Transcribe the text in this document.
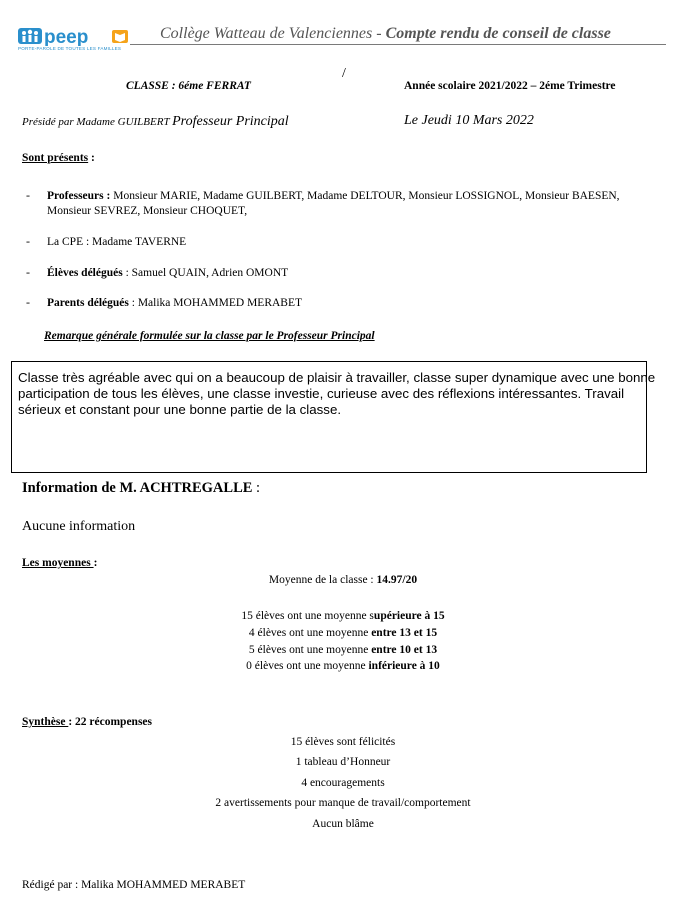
peep
PORTE-PAROLE DE TOUTES LES FAMILLES
Collège Watteau de Valenciennes - Compte rendu de conseil de classe
/
CLASSE : 6éme FERRAT	Année scolaire 2021/2022 – 2éme Trimestre
Présidé par Madame GUILBERT Professeur Principal	Le Jeudi 10 Mars 2022
Sont présents :
- Professeurs : Monsieur MARIE, Madame GUILBERT, Madame DELTOUR, Monsieur LOSSIGNOL, Monsieur BAESEN,
Monsieur SEVREZ, Monsieur CHOQUET,
- La CPE : Madame TAVERNE
- Élèves délégués : Samuel QUAIN, Adrien OMONT
- Parents délégués : Malika MOHAMMED MERABET
Remarque générale formulée sur la classe par le Professeur Principal
Classe très agréable avec qui on a beaucoup de plaisir à travailler, classe super dynamique avec une bonne
participation de tous les élèves, une classe investie, curieuse avec des réflexions intéressantes. Travail
sérieux et constant pour une bonne partie de la classe.
Information de M. ACHTREGALLE :
Aucune information
Les moyennes :
Moyenne de la classe : 14.97/20
15 élèves ont une moyenne supérieure à 15
4 élèves ont une moyenne entre 13 et 15
5 élèves ont une moyenne entre 10 et 13
0 élèves ont une moyenne inférieure à 10
Synthèse : 22 récompenses
15 élèves sont félicités
1 tableau d’Honneur
4 encouragements
2 avertissements pour manque de travail/comportement
Aucun blâme
Rédigé par : Malika MOHAMMED MERABET
